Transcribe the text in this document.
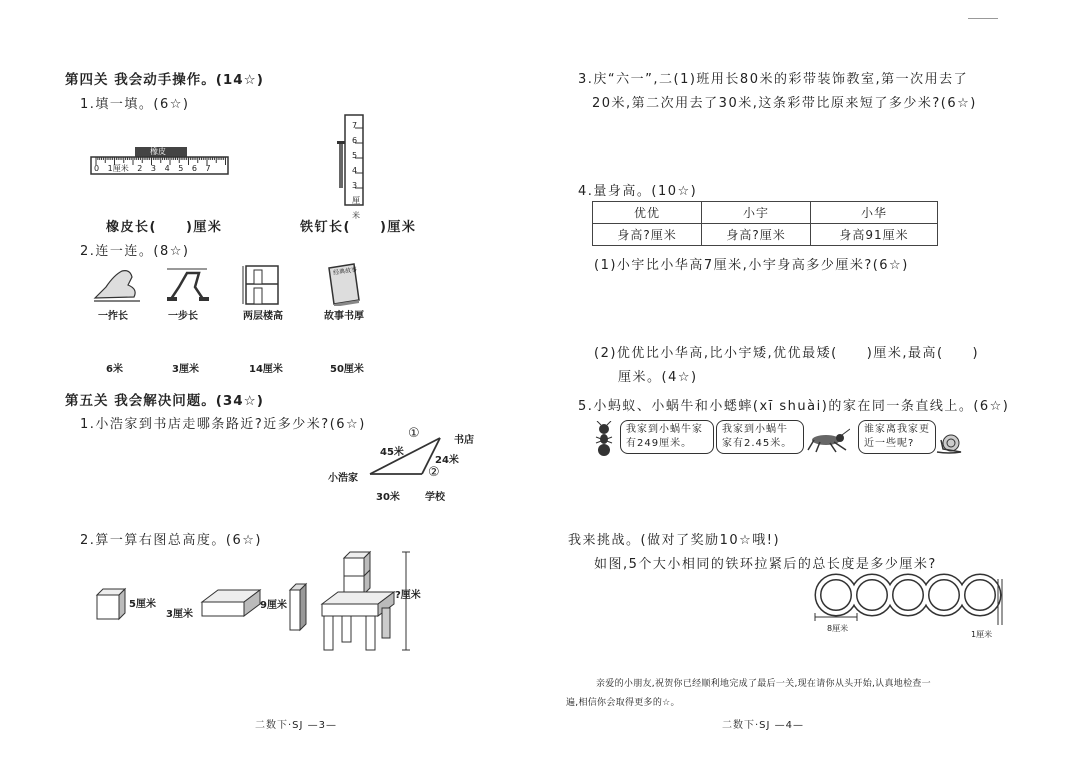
第四关 我会动手操作。(14☆)
1.填一填。(6☆)
橡皮
0 1厘米 2 3 4 5 6 7
7
6
5
4
3厘米
橡皮长(　　)厘米	铁钉长(　　)厘米
2.连一连。(8☆)
经典故事
一拃长	一步长	两层楼高	故事书厚
6米	3厘米	14厘米	50厘米
第五关 我会解决问题。(34☆)
1.小浩家到书店走哪条路近?近多少米?(6☆)
书店
小浩家
学校
45米
24米
30米
①
②
2.算一算右图总高度。(6☆)
5厘米
3厘米
9厘米
?厘米
二数下·SJ —3—
3.庆“六一”,二(1)班用长80米的彩带装饰教室,第一次用去了
20米,第二次用去了30米,这条彩带比原来短了多少米?(6☆)
4.量身高。(10☆)
优优	小宇	小华
身高?厘米	身高?厘米	身高91厘米
(1)小宇比小华高7厘米,小宇身高多少厘米?(6☆)
(2)优优比小华高,比小宇矮,优优最矮(　　)厘米,最高(　　)
厘米。(4☆)
5.小蚂蚁、小蜗牛和小蟋蟀(xī shuài)的家在同一条直线上。(6☆)
我家到小蜗牛家有249厘米。
我家到小蜗牛家有2.45米。
谁家离我家更近一些呢?
我来挑战。(做对了奖励10☆哦!)
如图,5个大小相同的铁环拉紧后的总长度是多少厘米?
8厘米
1厘米
亲爱的小朋友,祝贺你已经顺利地完成了最后一关,现在请你从头开始,认真地检查一
遍,相信你会取得更多的☆。
二数下·SJ —4—
